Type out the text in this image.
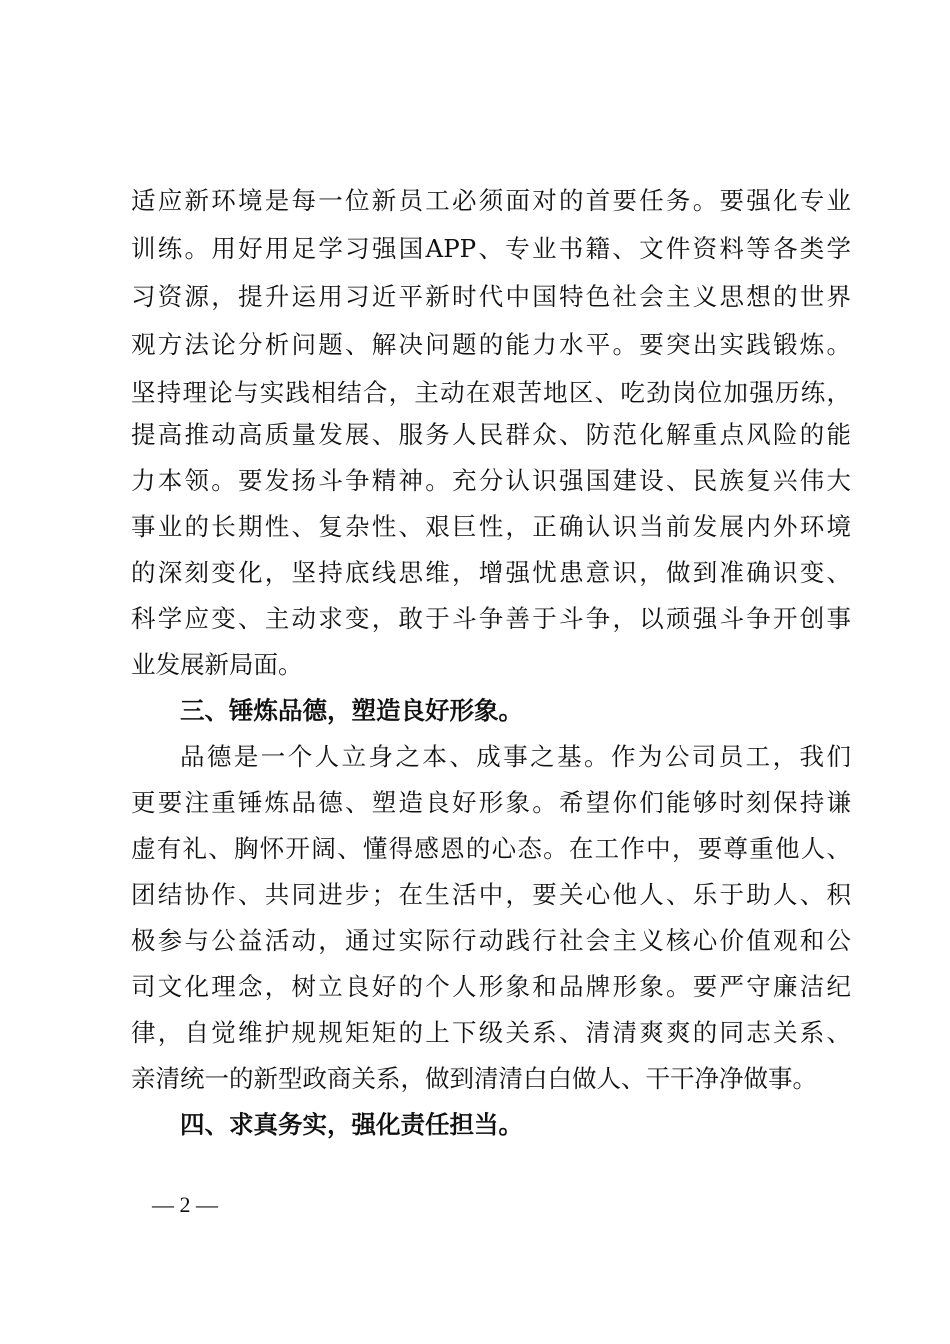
适应新环境是每一位新员工必须面对的首要任务。要强化专业
训练。用好用足学习强国APP、专业书籍、文件资料等各类学
习资源，提升运用习近平新时代中国特色社会主义思想的世界
观方法论分析问题、解决问题的能力水平。要突出实践锻炼。
坚持理论与实践相结合，主动在艰苦地区、吃劲岗位加强历练，
提高推动高质量发展、服务人民群众、防范化解重点风险的能
力本领。要发扬斗争精神。充分认识强国建设、民族复兴伟大
事业的长期性、复杂性、艰巨性，正确认识当前发展内外环境
的深刻变化，坚持底线思维，增强忧患意识，做到准确识变、
科学应变、主动求变，敢于斗争善于斗争，以顽强斗争开创事
业发展新局面。
三、锤炼品德，塑造良好形象。
品德是一个人立身之本、成事之基。作为公司员工，我们
更要注重锤炼品德、塑造良好形象。希望你们能够时刻保持谦
虚有礼、胸怀开阔、懂得感恩的心态。在工作中，要尊重他人、
团结协作、共同进步；在生活中，要关心他人、乐于助人、积
极参与公益活动，通过实际行动践行社会主义核心价值观和公
司文化理念，树立良好的个人形象和品牌形象。要严守廉洁纪
律，自觉维护规规矩矩的上下级关系、清清爽爽的同志关系、
亲清统一的新型政商关系，做到清清白白做人、干干净净做事。
四、求真务实，强化责任担当。
— 2 —
